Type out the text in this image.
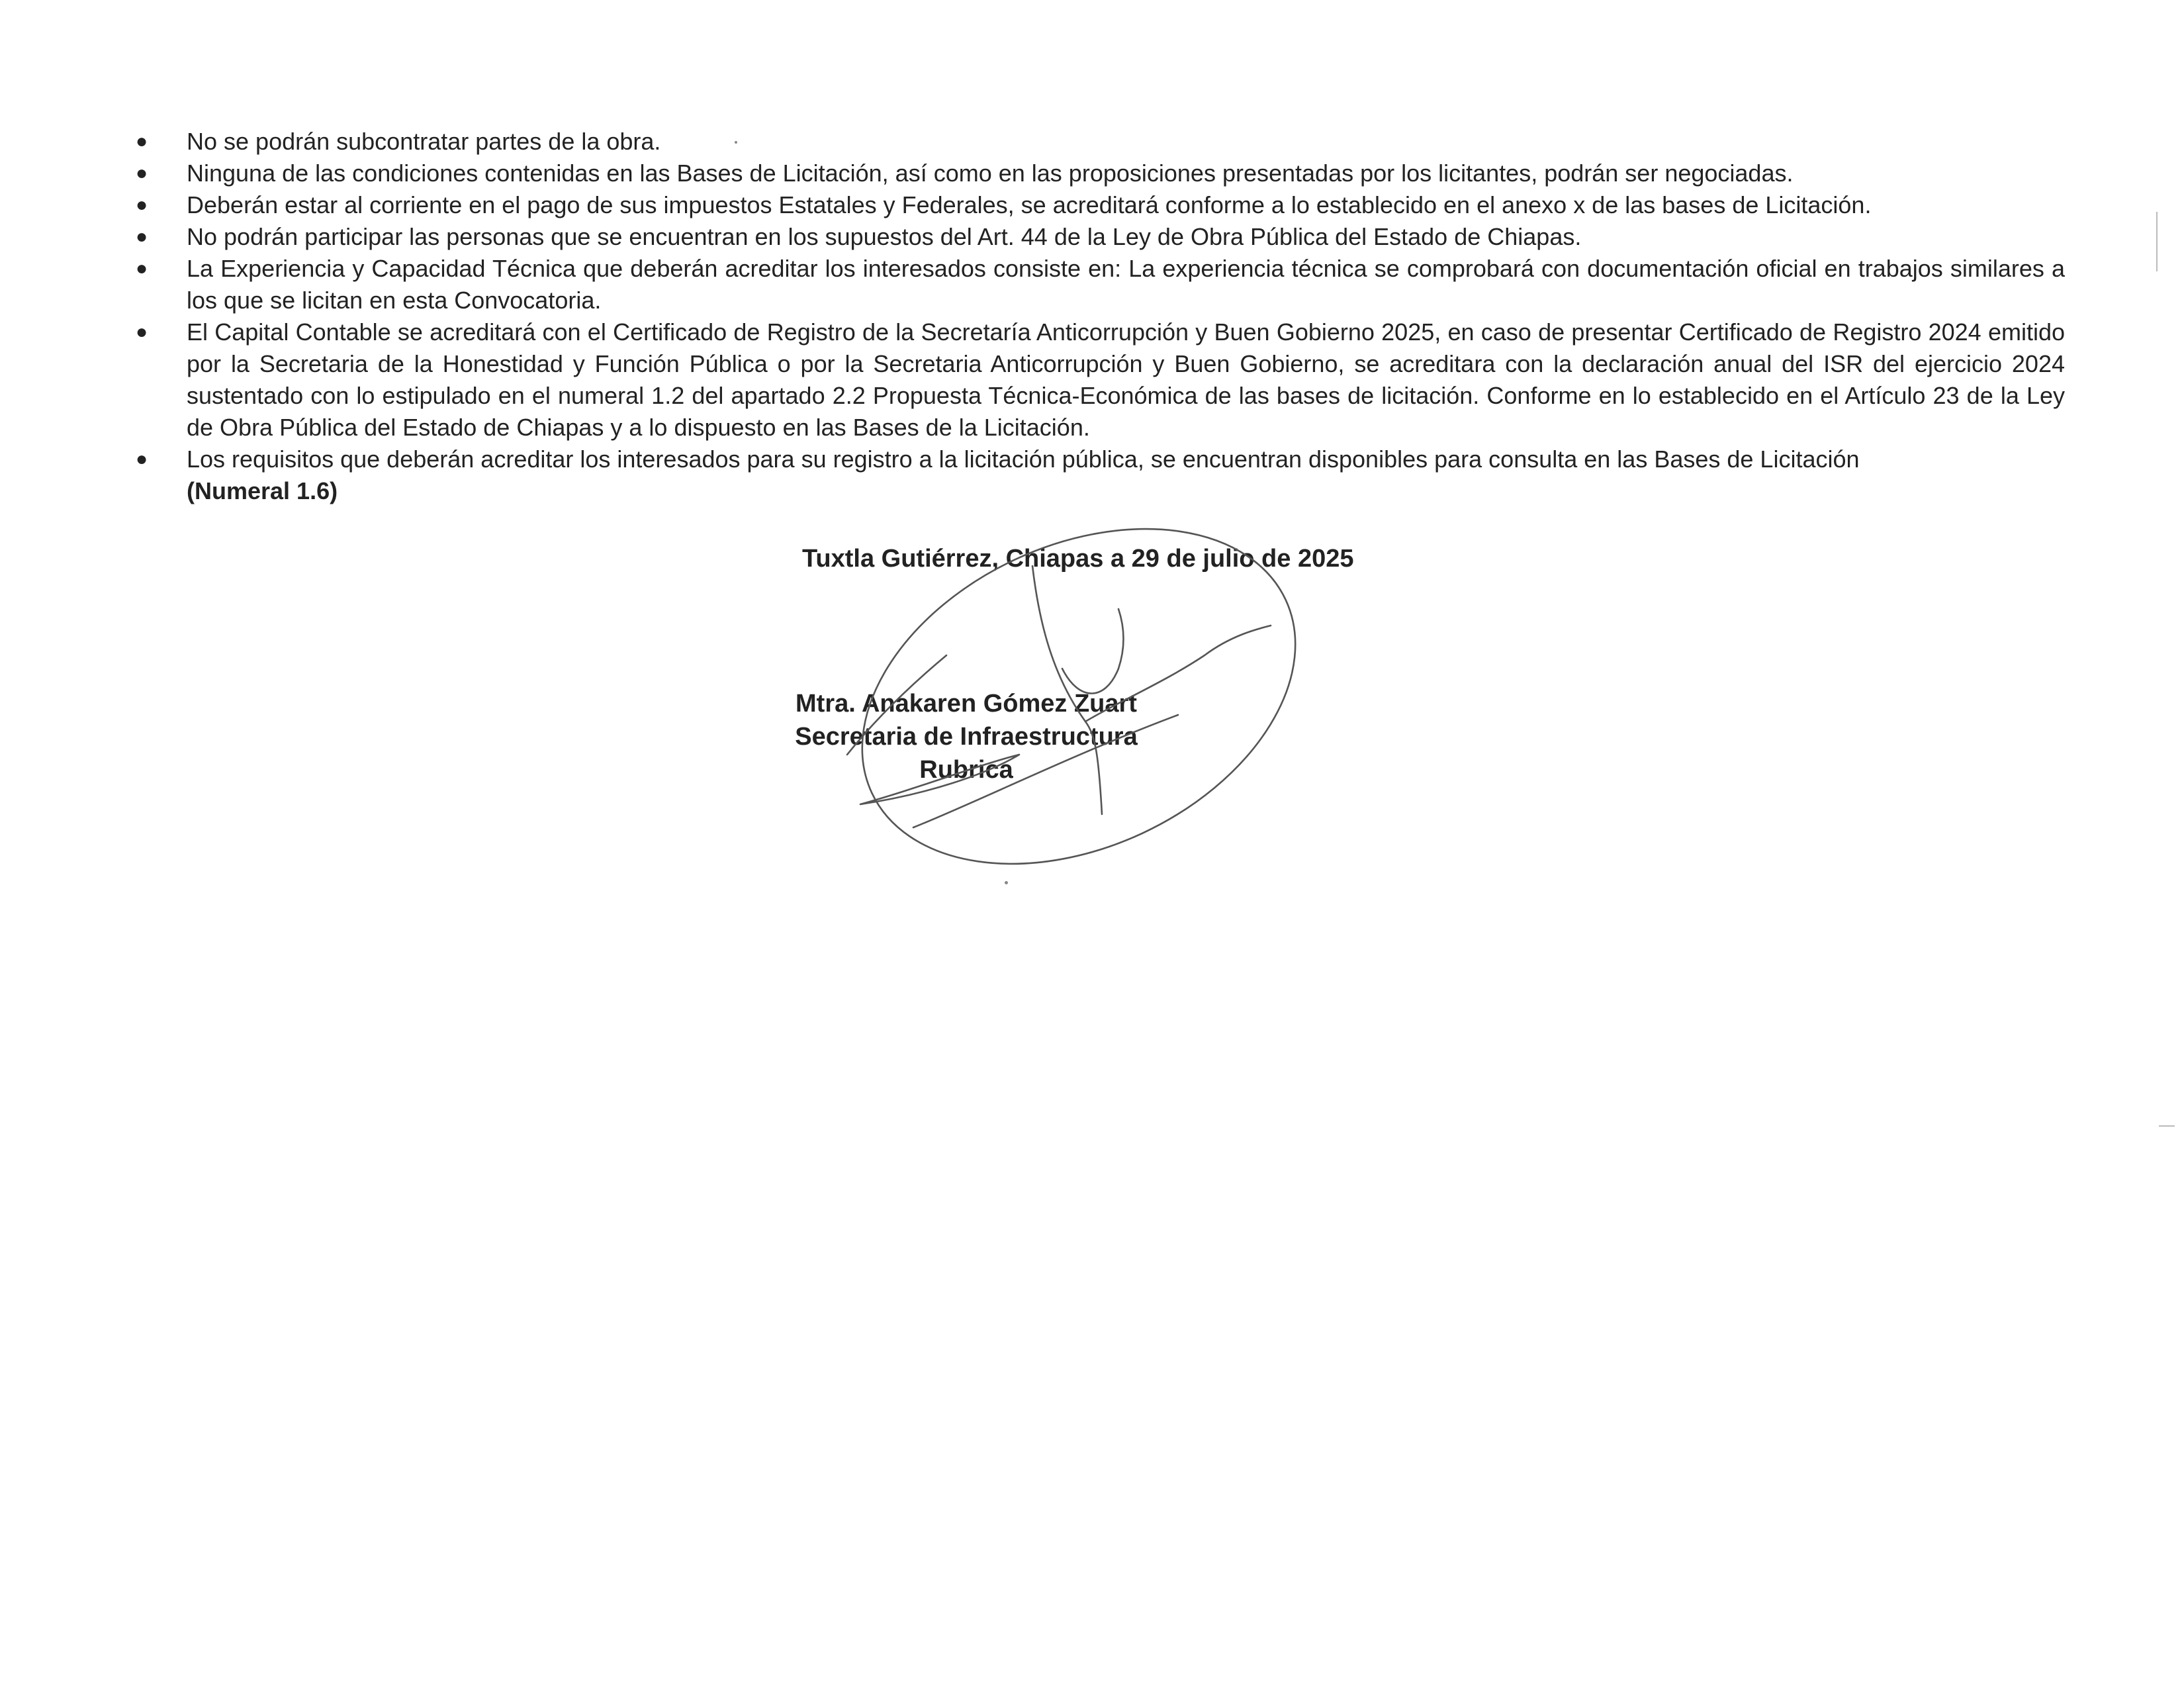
● No se podrán subcontratar partes de la obra.
● Ninguna de las condiciones contenidas en las Bases de Licitación, así como en las proposiciones presentadas por los licitantes, podrán ser negociadas.
● Deberán estar al corriente en el pago de sus impuestos Estatales y Federales, se acreditará conforme a lo establecido en el anexo x de las bases de Licitación.
● No podrán participar las personas que se encuentran en los supuestos del Art. 44 de la Ley de Obra Pública del Estado de Chiapas.
● La Experiencia y Capacidad Técnica que deberán acreditar los interesados consiste en: La experiencia técnica se comprobará con documentación oficial en trabajos similares a los que se licitan en esta Convocatoria.
● El Capital Contable se acreditará con el Certificado de Registro de la Secretaría Anticorrupción y Buen Gobierno 2025, en caso de presentar Certificado de Registro 2024 emitido por la Secretaria de la Honestidad y Función Pública o por la Secretaria Anticorrupción y Buen Gobierno, se acreditara con la declaración anual del ISR del ejercicio 2024 sustentado con lo estipulado en el numeral 1.2 del apartado 2.2 Propuesta Técnica-Económica de las bases de licitación. Conforme en lo establecido en el Artículo 23 de la Ley de Obra Pública del Estado de Chiapas y a lo dispuesto en las Bases de la Licitación.
● Los requisitos que deberán acreditar los interesados para su registro a la licitación pública, se encuentran disponibles para consulta en las Bases de Licitación
(Numeral 1.6)
Tuxtla Gutiérrez, Chiapas a 29 de julio de 2025
Mtra. Anakaren Gómez Zuart
Secretaria de Infraestructura
Rubrica
